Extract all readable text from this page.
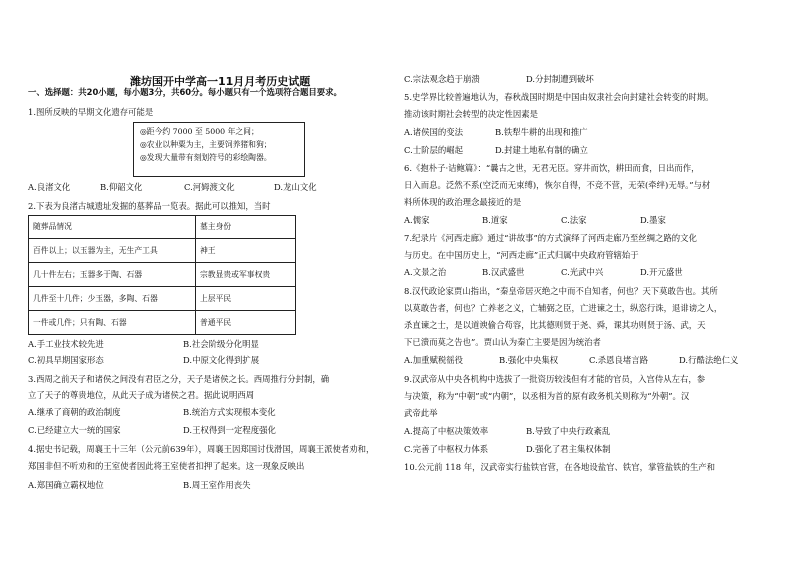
潍坊国开中学高一11月月考历史试题
一、选择题：共20小题，每小题3分，共60分。每小题只有一个选项符合题目要求。
1.图所反映的早期文化遗存可能是
◎距今约 7000 至 5000 年之间；
◎农业以种粟为主，主要饲养猪和狗；
◎发现大量带有刻划符号的彩绘陶器。
A.良渚文化	B.仰韶文化	C.河姆渡文化	D.龙山文化
2.下表为良渚古城遗址发掘的墓葬品一览表。据此可以推知，当时
随葬品情况	墓主身份
百件以上；以玉器为主，无生产工具	神王
几十件左右；玉器多于陶、石器	宗教显贵或军事权贵
几件至十几件；少玉器，多陶、石器	上层平民
一件或几件；只有陶、石器	普通平民
A.手工业技术较先进	B.社会阶级分化明显
C.初具早期国家形态	D.中原文化得到扩展
3.西周之前天子和诸侯之间没有君臣之分，天子是诸侯之长。西周推行分封制，确
立了天子的尊贵地位，从此天子成为诸侯之君。据此说明西周
A.继承了商朝的政治制度	B.统治方式实现根本变化
C.已经建立大一统的国家	D.王权得到一定程度强化
4.据史书记载，周襄王十三年（公元前639年），周襄王因郑国讨伐滑国，周襄王派使者劝和，
郑国非但不听劝和的王室使者因此将王室使者扣押了起来。这一现象反映出
A.郑国确立霸权地位	B.周王室作用丧失
C.宗法观念趋于崩溃	D.分封制遭到破坏
5.史学界比较普遍地认为，春秋战国时期是中国由奴隶社会向封建社会转变的时期。
推动该时期社会转型的决定性因素是
A.诸侯国的变法	B.铁犁牛耕的出现和推广
C.士阶层的崛起	D.封建土地私有制的确立
6.《抱朴子·诘鲍篇》：“曩古之世，无君无臣。穿井而饮，耕田而食，日出而作，
日入而息。泛然不系(空泛而无束缚)，恢尔自得，不竞不营，无荣(牵绊)无辱。”与材
料所体现的政治理念最接近的是
A.儒家	B.道家	C.法家	D.墨家
7.纪录片《河西走廊》通过“讲故事”的方式演绎了河西走廊乃至丝绸之路的文化
与历史。在中国历史上，“河西走廊”正式归属中央政府管辖始于
A.文景之治	B.汉武盛世	C.光武中兴	D.开元盛世
8.汉代政论家贾山指出，“秦皇帝居灭绝之中而不自知者，何也？天下莫敢告也。其所
以莫敢告者，何也？亡养老之义，亡辅弼之臣，亡进谏之士，纵恣行诛，退诽谤之人，
杀直谏之士，是以道谀偷合苟容，比其德则贤于尧、舜，课其功则贤于汤、武，天
下已溃而莫之告也”。贾山认为秦亡主要是因为统治者
A.加重赋税徭役	B.强化中央集权	C.杀恩良堵言路	D.行酷法绝仁义
9.汉武帝从中央各机构中选拔了一批资历较浅但有才能的官员，入宫侍从左右，参
与决策，称为“中朝”或“内朝”，以丞相为首的原有政务机关则称为“外朝”。汉
武帝此举
A.提高了中枢决策效率	B.导致了中央行政紊乱
C.完善了中枢权力体系	D.强化了君主集权体制
10.公元前 118 年，汉武帝实行盐铁官营，在各地设盐官、铁官，掌管盐铁的生产和
